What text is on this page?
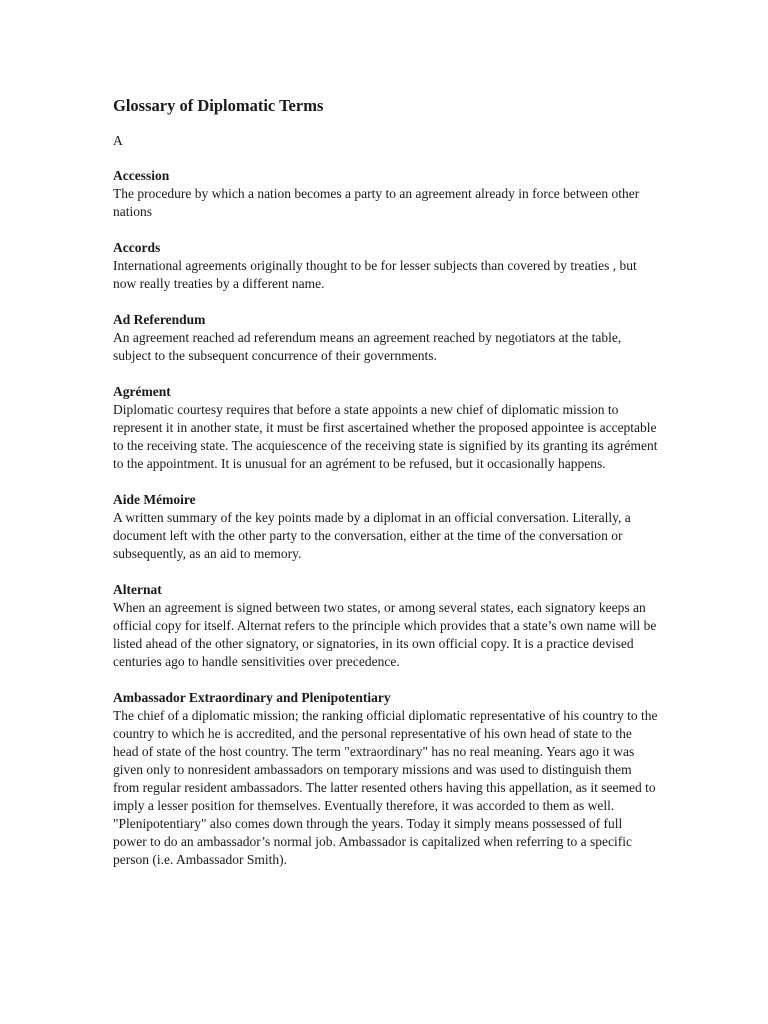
Glossary of Diplomatic Terms
A
Accession
The procedure by which a nation becomes a party to an agreement already in force between other nations
Accords
International agreements originally thought to be for lesser subjects than covered by treaties , but now really treaties by a different name.
Ad Referendum
An agreement reached ad referendum means an agreement reached by negotiators at the table, subject to the subsequent concurrence of their governments.
Agrément
Diplomatic courtesy requires that before a state appoints a new chief of diplomatic mission to represent it in another state, it must be first ascertained whether the proposed appointee is acceptable to the receiving state. The acquiescence of the receiving state is signified by its granting its agrément to the appointment. It is unusual for an agrément to be refused, but it occasionally happens.
Aide Mémoire
A written summary of the key points made by a diplomat in an official conversation. Literally, a document left with the other party to the conversation, either at the time of the conversation or subsequently, as an aid to memory.
Alternat
When an agreement is signed between two states, or among several states, each signatory keeps an official copy for itself. Alternat refers to the principle which provides that a state’s own name will be listed ahead of the other signatory, or signatories, in its own official copy. It is a practice devised centuries ago to handle sensitivities over precedence.
Ambassador Extraordinary and Plenipotentiary
The chief of a diplomatic mission; the ranking official diplomatic representative of his country to the country to which he is accredited, and the personal representative of his own head of state to the head of state of the host country. The term "extraordinary" has no real meaning. Years ago it was given only to nonresident ambassadors on temporary missions and was used to distinguish them from regular resident ambassadors. The latter resented others having this appellation, as it seemed to imply a lesser position for themselves. Eventually therefore, it was accorded to them as well. "Plenipotentiary" also comes down through the years. Today it simply means possessed of full power to do an ambassador’s normal job. Ambassador is capitalized when referring to a specific person (i.e. Ambassador Smith).
